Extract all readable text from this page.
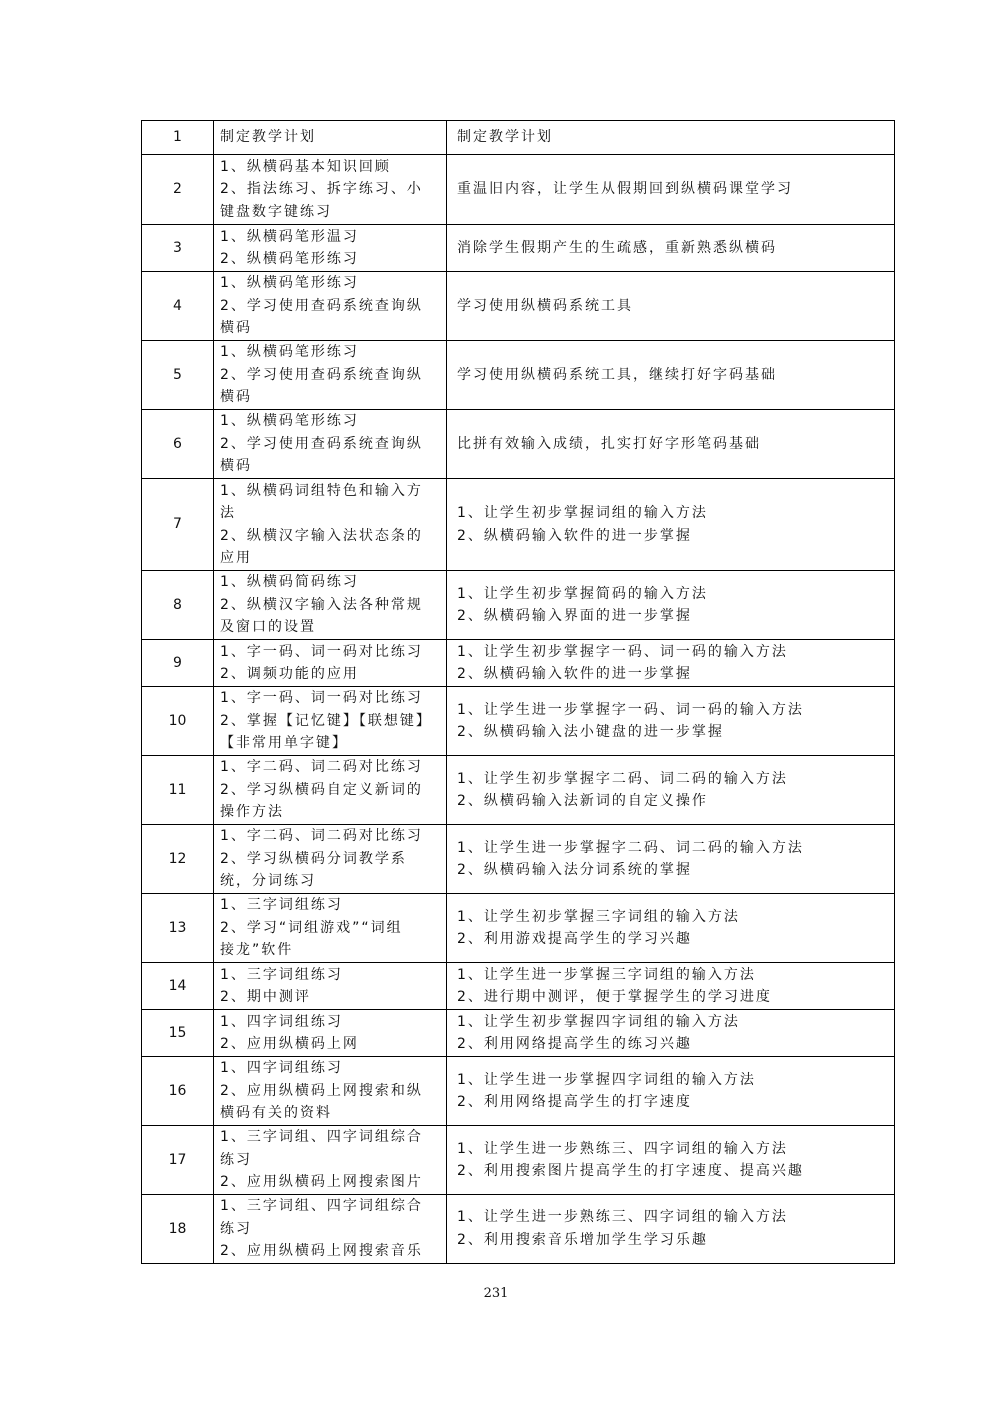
1	制定教学计划	制定教学计划

2	1、纵横码基本知识回顾
2、指法练习、拆字练习、小
键盘数字键练习	重温旧内容，让学生从假期回到纵横码课堂学习

3	1、纵横码笔形温习
2、纵横码笔形练习	消除学生假期产生的生疏感，重新熟悉纵横码

4	1、纵横码笔形练习
2、学习使用查码系统查询纵
横码	学习使用纵横码系统工具

5	1、纵横码笔形练习
2、学习使用查码系统查询纵
横码	学习使用纵横码系统工具，继续打好字码基础

6	1、纵横码笔形练习
2、学习使用查码系统查询纵
横码	比拼有效输入成绩，扎实打好字形笔码基础

7	1、纵横码词组特色和输入方
法
2、纵横汉字输入法状态条的
应用	1、让学生初步掌握词组的输入方法
2、纵横码输入软件的进一步掌握

8	1、纵横码简码练习
2、纵横汉字输入法各种常规
及窗口的设置	1、让学生初步掌握简码的输入方法
2、纵横码输入界面的进一步掌握

9	1、字一码、词一码对比练习
2、调频功能的应用	1、让学生初步掌握字一码、词一码的输入方法
2、纵横码输入软件的进一步掌握

10	1、字一码、词一码对比练习
2、掌握【记忆键】【联想键】
【非常用单字键】	1、让学生进一步掌握字一码、词一码的输入方法
2、纵横码输入法小键盘的进一步掌握

11	1、字二码、词二码对比练习
2、学习纵横码自定义新词的
操作方法	1、让学生初步掌握字二码、词二码的输入方法
2、纵横码输入法新词的自定义操作

12	1、字二码、词二码对比练习
2、学习纵横码分词教学系
统，分词练习	1、让学生进一步掌握字二码、词二码的输入方法
2、纵横码输入法分词系统的掌握

13	1、三字词组练习
2、学习“词组游戏”“词组
接龙”软件	1、让学生初步掌握三字词组的输入方法
2、利用游戏提高学生的学习兴趣

14	1、三字词组练习
2、期中测评	1、让学生进一步掌握三字词组的输入方法
2、进行期中测评，便于掌握学生的学习进度

15	1、四字词组练习
2、应用纵横码上网	1、让学生初步掌握四字词组的输入方法
2、利用网络提高学生的练习兴趣

16	1、四字词组练习
2、应用纵横码上网搜索和纵
横码有关的资料	1、让学生进一步掌握四字词组的输入方法
2、利用网络提高学生的打字速度

17	1、三字词组、四字词组综合
练习
2、应用纵横码上网搜索图片	1、让学生进一步熟练三、四字词组的输入方法
2、利用搜索图片提高学生的打字速度、提高兴趣

18	1、三字词组、四字词组综合
练习
2、应用纵横码上网搜索音乐	1、让学生进一步熟练三、四字词组的输入方法
2、利用搜索音乐增加学生学习乐趣
231
